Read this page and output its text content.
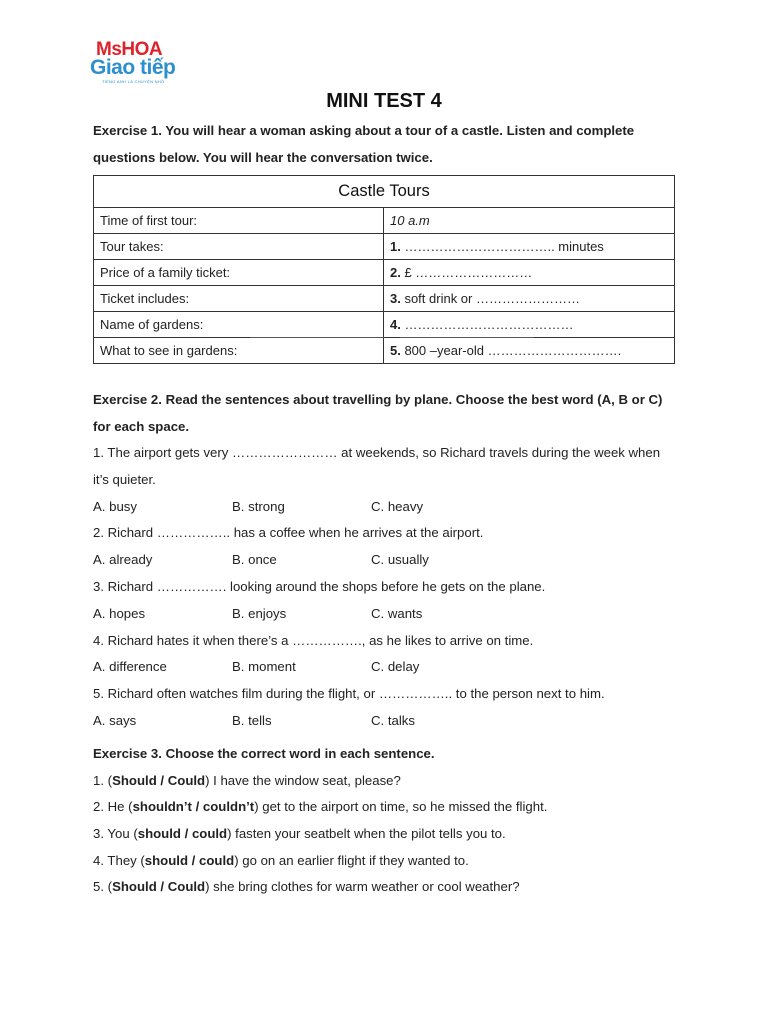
MsHOA
Giao tiếp
TIẾNG ANH LÀ CHUYỆN NHỎ
MINI TEST 4
Exercise 1. You will hear a woman asking about a tour of a castle. Listen and complete
questions below. You will hear the conversation twice.
Castle Tours	
Time of first tour:	10 a.m
Tour takes:	1. …………………………….. minutes
Price of a family ticket:	2. £ ………………………
Ticket includes:	3. soft drink or ……………………
Name of gardens:	4. …………………………………
What to see in gardens:	5. 800 –year-old ………………………….
Exercise 2. Read the sentences about travelling by plane. Choose the best word (A, B or C)
for each space.
1. The airport gets very …………………… at weekends, so Richard travels during the week when
it’s quieter.
A. busy	B. strong	C. heavy
2. Richard …………….. has a coffee when he arrives at the airport.
A. already	B. once	C. usually
3. Richard ……………. looking around the shops before he gets on the plane.
A. hopes	B. enjoys	C. wants
4. Richard hates it when there’s a ……………., as he likes to arrive on time.
A. difference	B. moment	C. delay
5. Richard often watches film during the flight, or …………….. to the person next to him.
A. says	B. tells	C. talks
Exercise 3. Choose the correct word in each sentence.
1. (Should / Could) I have the window seat, please?
2. He (shouldn’t / couldn’t) get to the airport on time, so he missed the flight.
3. You (should / could) fasten your seatbelt when the pilot tells you to.
4. They (should / could) go on an earlier flight if they wanted to.
5. (Should / Could) she bring clothes for warm weather or cool weather?
